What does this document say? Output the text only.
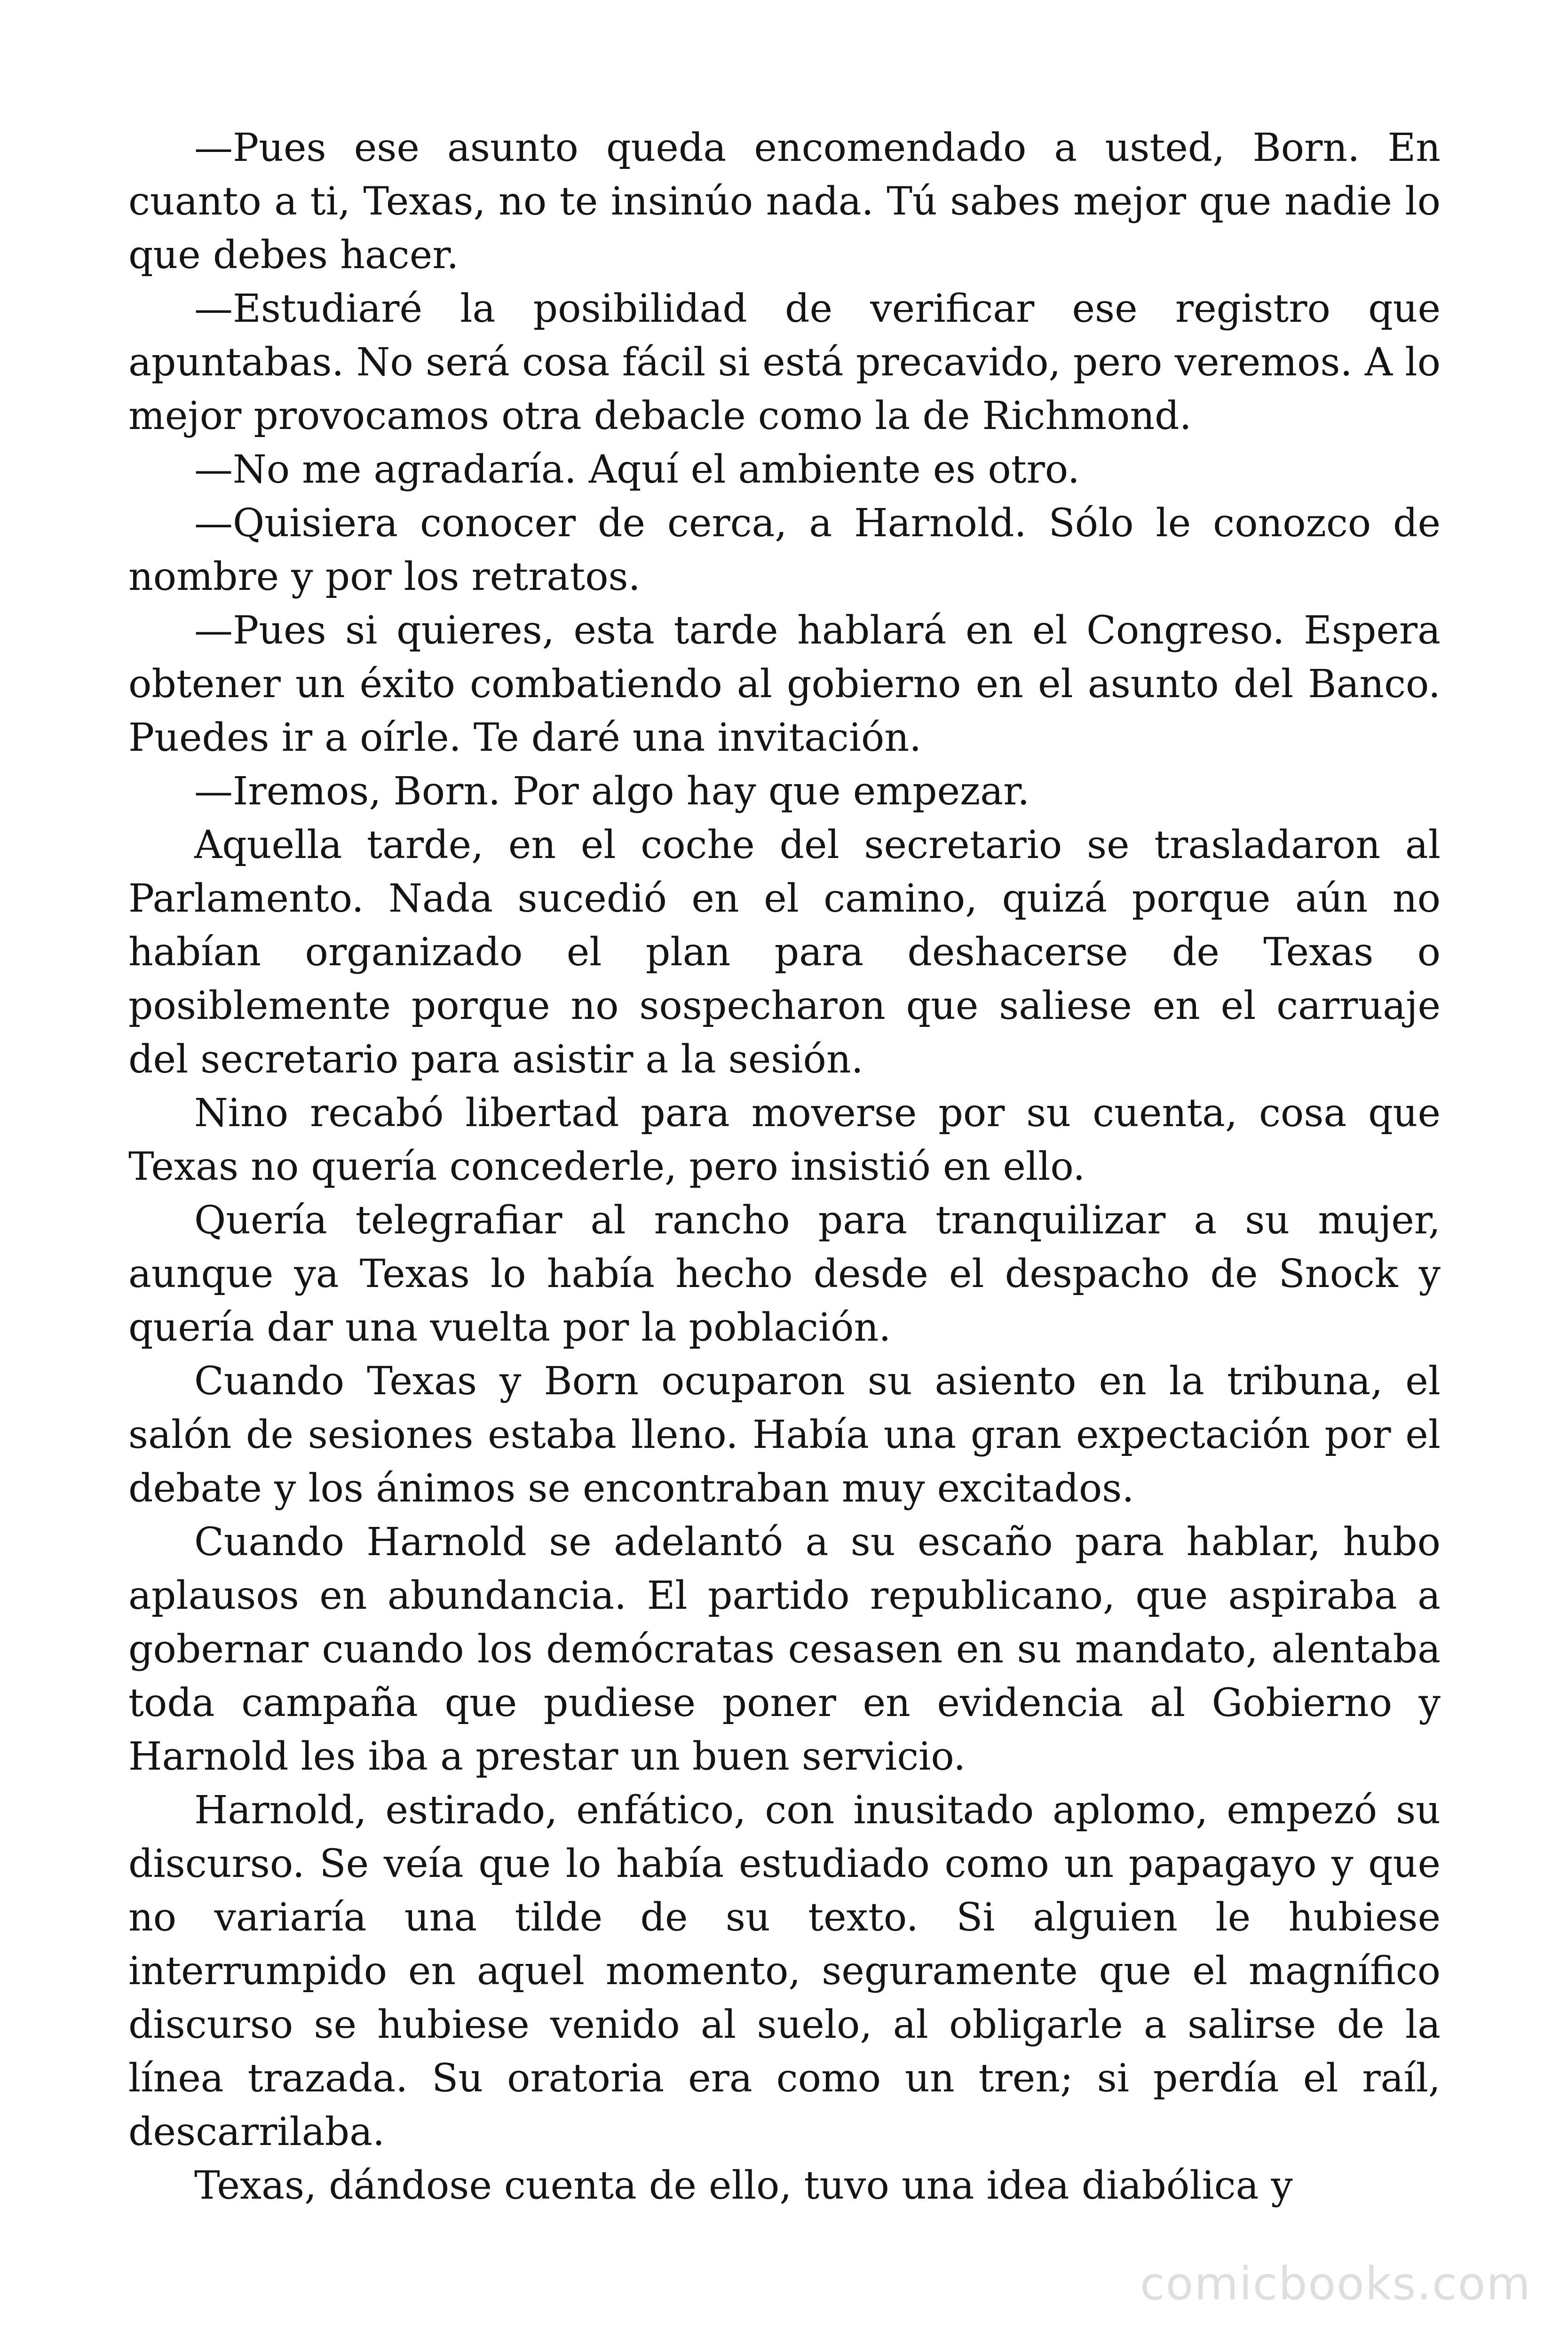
—Pues ese asunto queda encomendado a usted, Born. En cuanto a ti, Texas, no te insinúo nada. Tú sabes mejor que nadie lo que debes hacer.

—Estudiaré la posibilidad de verificar ese registro que apuntabas. No será cosa fácil si está precavido, pero veremos. A lo mejor provocamos otra debacle como la de Richmond.

—No me agradaría. Aquí el ambiente es otro.

—Quisiera conocer de cerca, a Harnold. Sólo le conozco de nombre y por los retratos.

—Pues si quieres, esta tarde hablará en el Congreso. Espera obtener un éxito combatiendo al gobierno en el asunto del Banco. Puedes ir a oírle. Te daré una invitación.

—Iremos, Born. Por algo hay que empezar.

Aquella tarde, en el coche del secretario se trasladaron al Parlamento. Nada sucedió en el camino, quizá porque aún no habían organizado el plan para deshacerse de Texas o posiblemente porque no sospecharon que saliese en el carruaje del secretario para asistir a la sesión.

Nino recabó libertad para moverse por su cuenta, cosa que Texas no quería concederle, pero insistió en ello.

Quería telegrafiar al rancho para tranquilizar a su mujer, aunque ya Texas lo había hecho desde el despacho de Snock y quería dar una vuelta por la población.

Cuando Texas y Born ocuparon su asiento en la tribuna, el salón de sesiones estaba lleno. Había una gran expectación por el debate y los ánimos se encontraban muy excitados.

Cuando Harnold se adelantó a su escaño para hablar, hubo aplausos en abundancia. El partido republicano, que aspiraba a gobernar cuando los demócratas cesasen en su mandato, alentaba toda campaña que pudiese poner en evidencia al Gobierno y Harnold les iba a prestar un buen servicio.

Harnold, estirado, enfático, con inusitado aplomo, empezó su discurso. Se veía que lo había estudiado como un papagayo y que no variaría una tilde de su texto. Si alguien le hubiese interrumpido en aquel momento, seguramente que el magnífico discurso se hubiese venido al suelo, al obligarle a salirse de la línea trazada. Su oratoria era como un tren; si perdía el raíl, descarrilaba.

Texas, dándose cuenta de ello, tuvo una idea diabólica y

comicbooks.com
